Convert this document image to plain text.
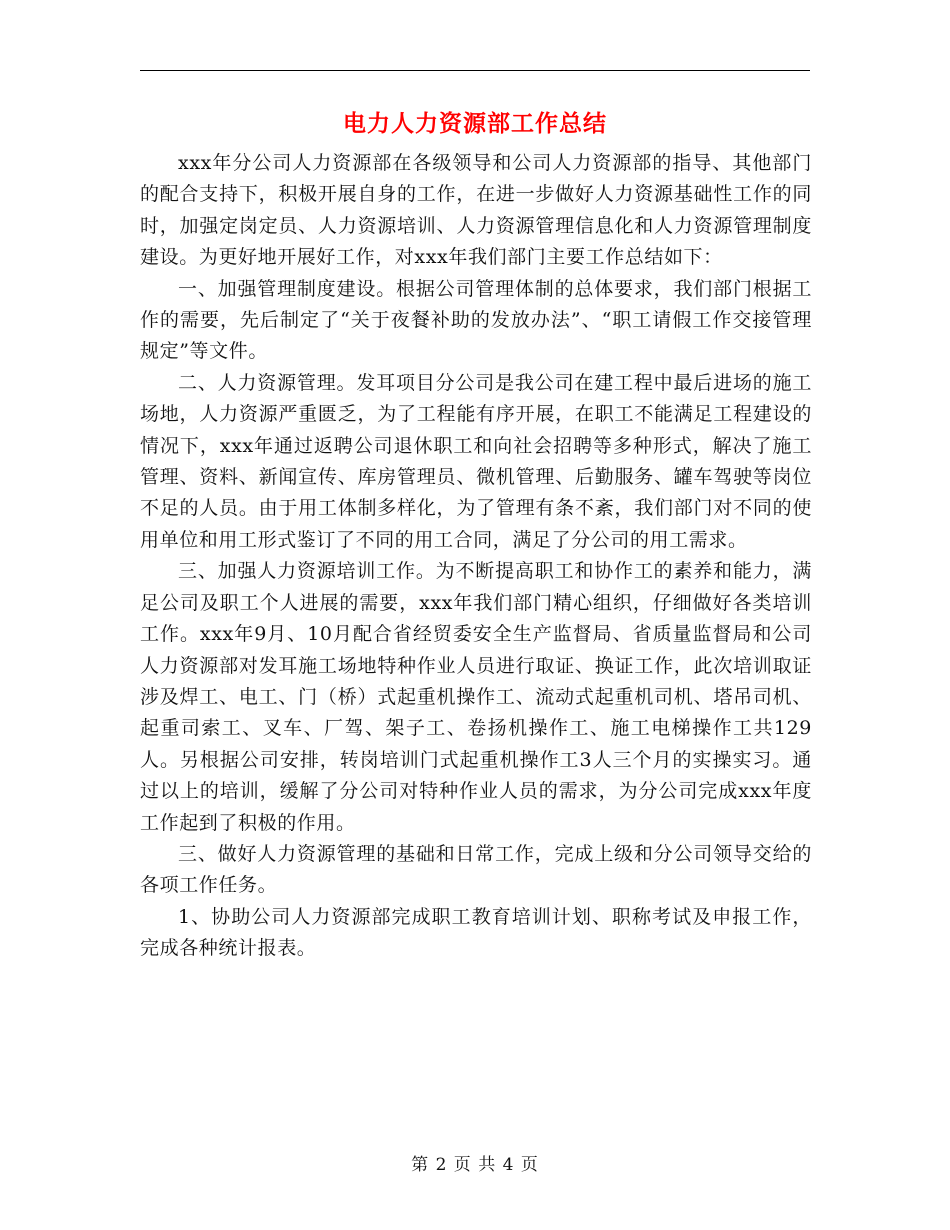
电力人力资源部工作总结

xxx年分公司人力资源部在各级领导和公司人力资源部的指导、其他部门的配合支持下，积极开展自身的工作，在进一步做好人力资源基础性工作的同时，加强定岗定员、人力资源培训、人力资源管理信息化和人力资源管理制度建设。为更好地开展好工作，对xxx年我们部门主要工作总结如下：

一、加强管理制度建设。根据公司管理体制的总体要求，我们部门根据工作的需要，先后制定了“关于夜餐补助的发放办法”、“职工请假工作交接管理规定”等文件。

二、人力资源管理。发耳项目分公司是我公司在建工程中最后进场的施工场地，人力资源严重匮乏，为了工程能有序开展，在职工不能满足工程建设的情况下，xxx年通过返聘公司退休职工和向社会招聘等多种形式，解决了施工管理、资料、新闻宣传、库房管理员、微机管理、后勤服务、罐车驾驶等岗位不足的人员。由于用工体制多样化，为了管理有条不紊，我们部门对不同的使用单位和用工形式鉴订了不同的用工合同，满足了分公司的用工需求。

三、加强人力资源培训工作。为不断提高职工和协作工的素养和能力，满足公司及职工个人进展的需要，xxx年我们部门精心组织，仔细做好各类培训工作。xxx年9月、10月配合省经贸委安全生产监督局、省质量监督局和公司人力资源部对发耳施工场地特种作业人员进行取证、换证工作，此次培训取证涉及焊工、电工、门（桥）式起重机操作工、流动式起重机司机、塔吊司机、起重司索工、叉车、厂驾、架子工、卷扬机操作工、施工电梯操作工共129人。另根据公司安排，转岗培训门式起重机操作工3人三个月的实操实习。通过以上的培训，缓解了分公司对特种作业人员的需求，为分公司完成xxx年度工作起到了积极的作用。

三、做好人力资源管理的基础和日常工作，完成上级和分公司领导交给的各项工作任务。

1、协助公司人力资源部完成职工教育培训计划、职称考试及申报工作，完成各种统计报表。

第 2 页 共 4 页
